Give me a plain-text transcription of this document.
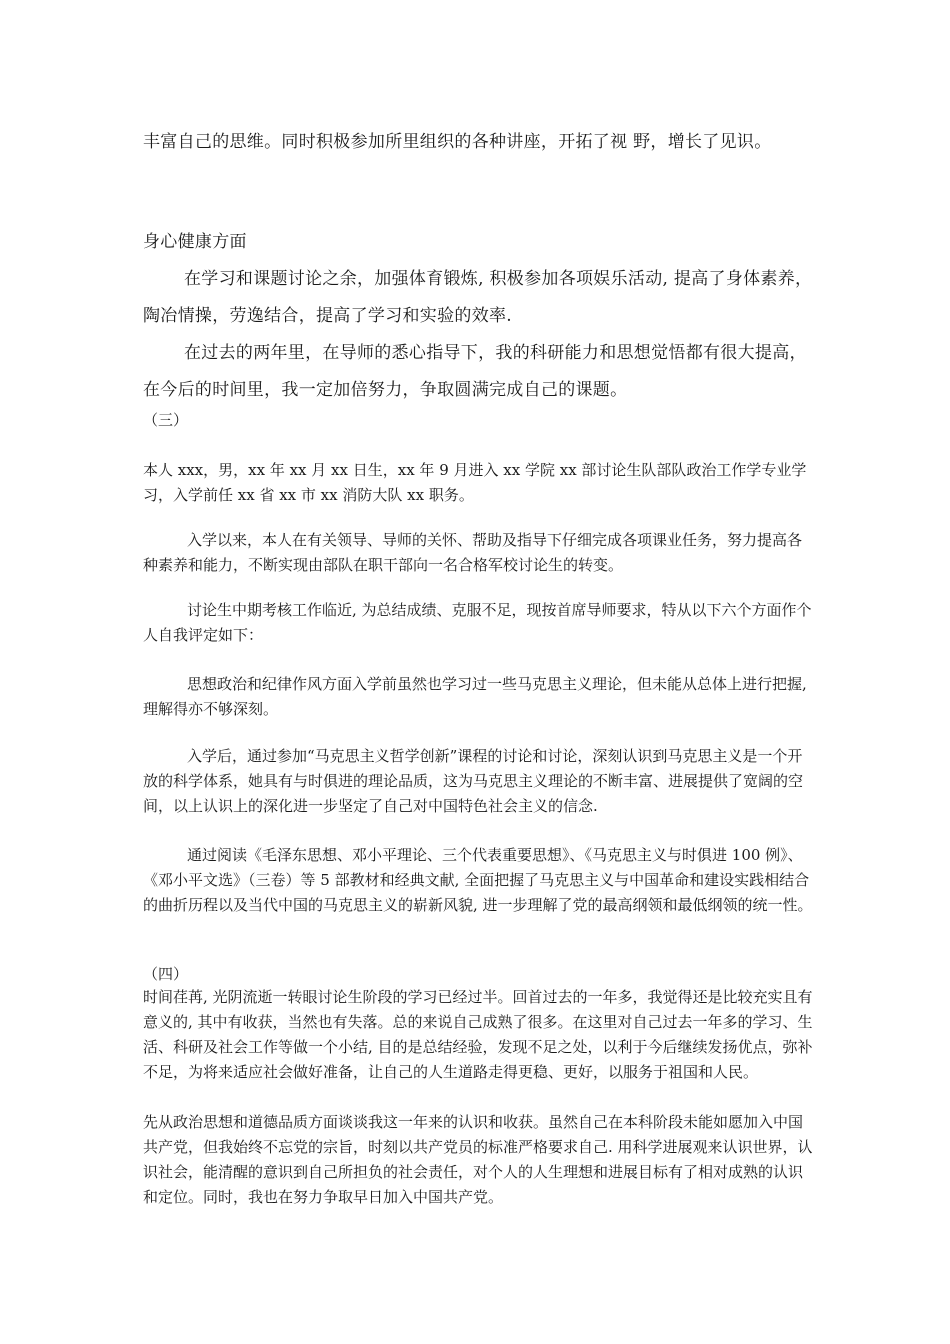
丰富自己的思维。同时积极参加所里组织的各种讲座，开拓了视 野，增长了见识。

身心健康方面

在学习和课题讨论之余，加强体育锻炼, 积极参加各项娱乐活动, 提高了身体素养，陶冶情操，劳逸结合，提高了学习和实验的效率.

在过去的两年里，在导师的悉心指导下，我的科研能力和思想觉悟都有很大提高，在今后的时间里，我一定加倍努力，争取圆满完成自己的课题。

（三）

本人 xxx，男，xx 年 xx 月 xx 日生，xx 年 9 月进入 xx 学院 xx 部讨论生队部队政治工作学专业学习，入学前任 xx 省 xx 市 xx 消防大队 xx 职务。

入学以来，本人在有关领导、导师的关怀、帮助及指导下仔细完成各项课业任务，努力提高各种素养和能力，不断实现由部队在职干部向一名合格军校讨论生的转变。

讨论生中期考核工作临近, 为总结成绩、克服不足，现按首席导师要求，特从以下六个方面作个人自我评定如下：

思想政治和纪律作风方面入学前虽然也学习过一些马克思主义理论，但未能从总体上进行把握, 理解得亦不够深刻。

入学后，通过参加“马克思主义哲学创新”课程的讨论和讨论，深刻认识到马克思主义是一个开放的科学体系，她具有与时俱进的理论品质，这为马克思主义理论的不断丰富、进展提供了宽阔的空间，以上认识上的深化进一步坚定了自己对中国特色社会主义的信念.

通过阅读《毛泽东思想、邓小平理论、三个代表重要思想》、《马克思主义与时俱进 100 例》、《邓小平文选》（三卷）等 5 部教材和经典文献, 全面把握了马克思主义与中国革命和建设实践相结合的曲折历程以及当代中国的马克思主义的崭新风貌, 进一步理解了党的最高纲领和最低纲领的统一性。

（四）

时间荏苒, 光阴流逝一转眼讨论生阶段的学习已经过半。回首过去的一年多，我觉得还是比较充实且有意义的, 其中有收获，当然也有失落。总的来说自己成熟了很多。在这里对自己过去一年多的学习、生活、科研及社会工作等做一个小结, 目的是总结经验，发现不足之处，以利于今后继续发扬优点，弥补不足，为将来适应社会做好准备，让自己的人生道路走得更稳、更好，以服务于祖国和人民。

先从政治思想和道德品质方面谈谈我这一年来的认识和收获。虽然自己在本科阶段未能如愿加入中国共产党，但我始终不忘党的宗旨，时刻以共产党员的标准严格要求自己. 用科学进展观来认识世界，认识社会，能清醒的意识到自己所担负的社会责任，对个人的人生理想和进展目标有了相对成熟的认识和定位。同时，我也在努力争取早日加入中国共产党。
